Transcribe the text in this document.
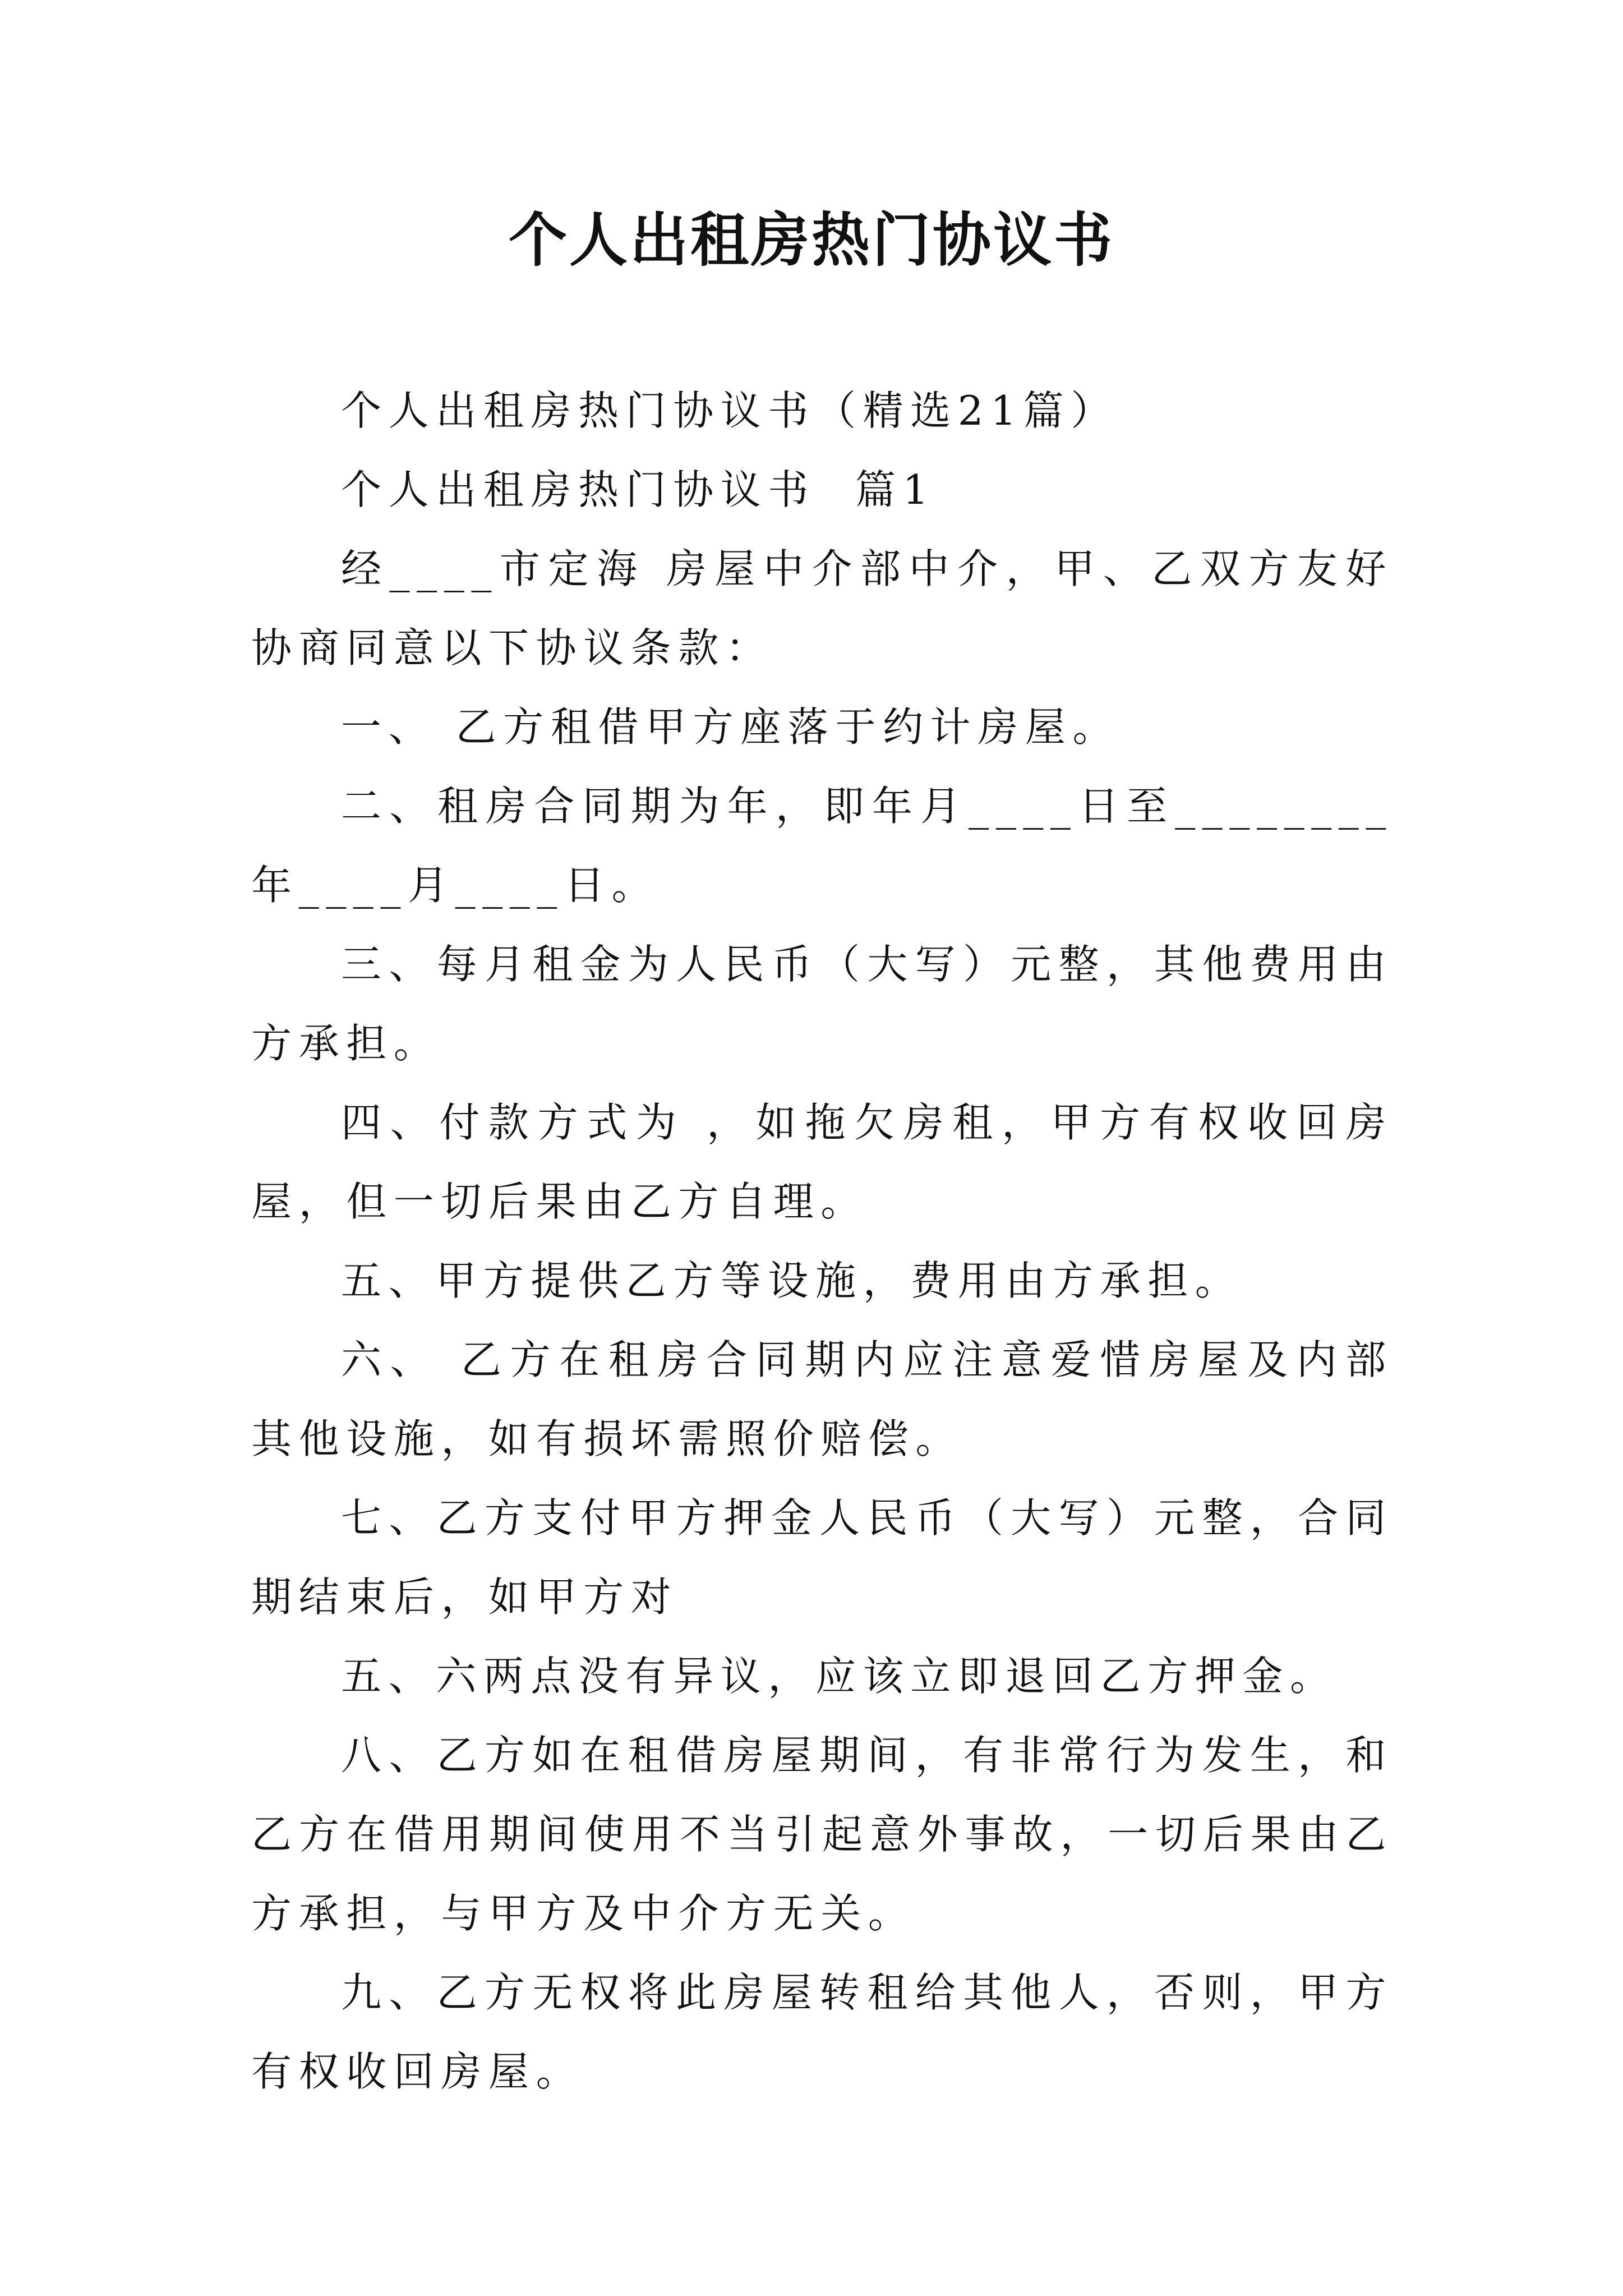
个人出租房热门协议书

个人出租房热门协议书（精选21篇）

个人出租房热门协议书  篇1

经____市定海 房屋中介部中介，甲、乙双方友好协商同意以下协议条款：

一、 乙方租借甲方座落于约计房屋。

二、租房合同期为年，即年月____日至________年____月____日。

三、每月租金为人民币（大写）元整，其他费用由 方承担。

四、付款方式为 ，如拖欠房租，甲方有权收回房屋，但一切后果由乙方自理。

五、甲方提供乙方等设施，费用由方承担。

六、 乙方在租房合同期内应注意爱惜房屋及内部其他设施，如有损坏需照价赔偿。

七、乙方支付甲方押金人民币（大写）元整，合同期结束后，如甲方对

五、六两点没有异议，应该立即退回乙方押金。

八、乙方如在租借房屋期间，有非常行为发生，和乙方在借用期间使用不当引起意外事故，一切后果由乙方承担，与甲方及中介方无关。

九、乙方无权将此房屋转租给其他人，否则，甲方有权收回房屋。
